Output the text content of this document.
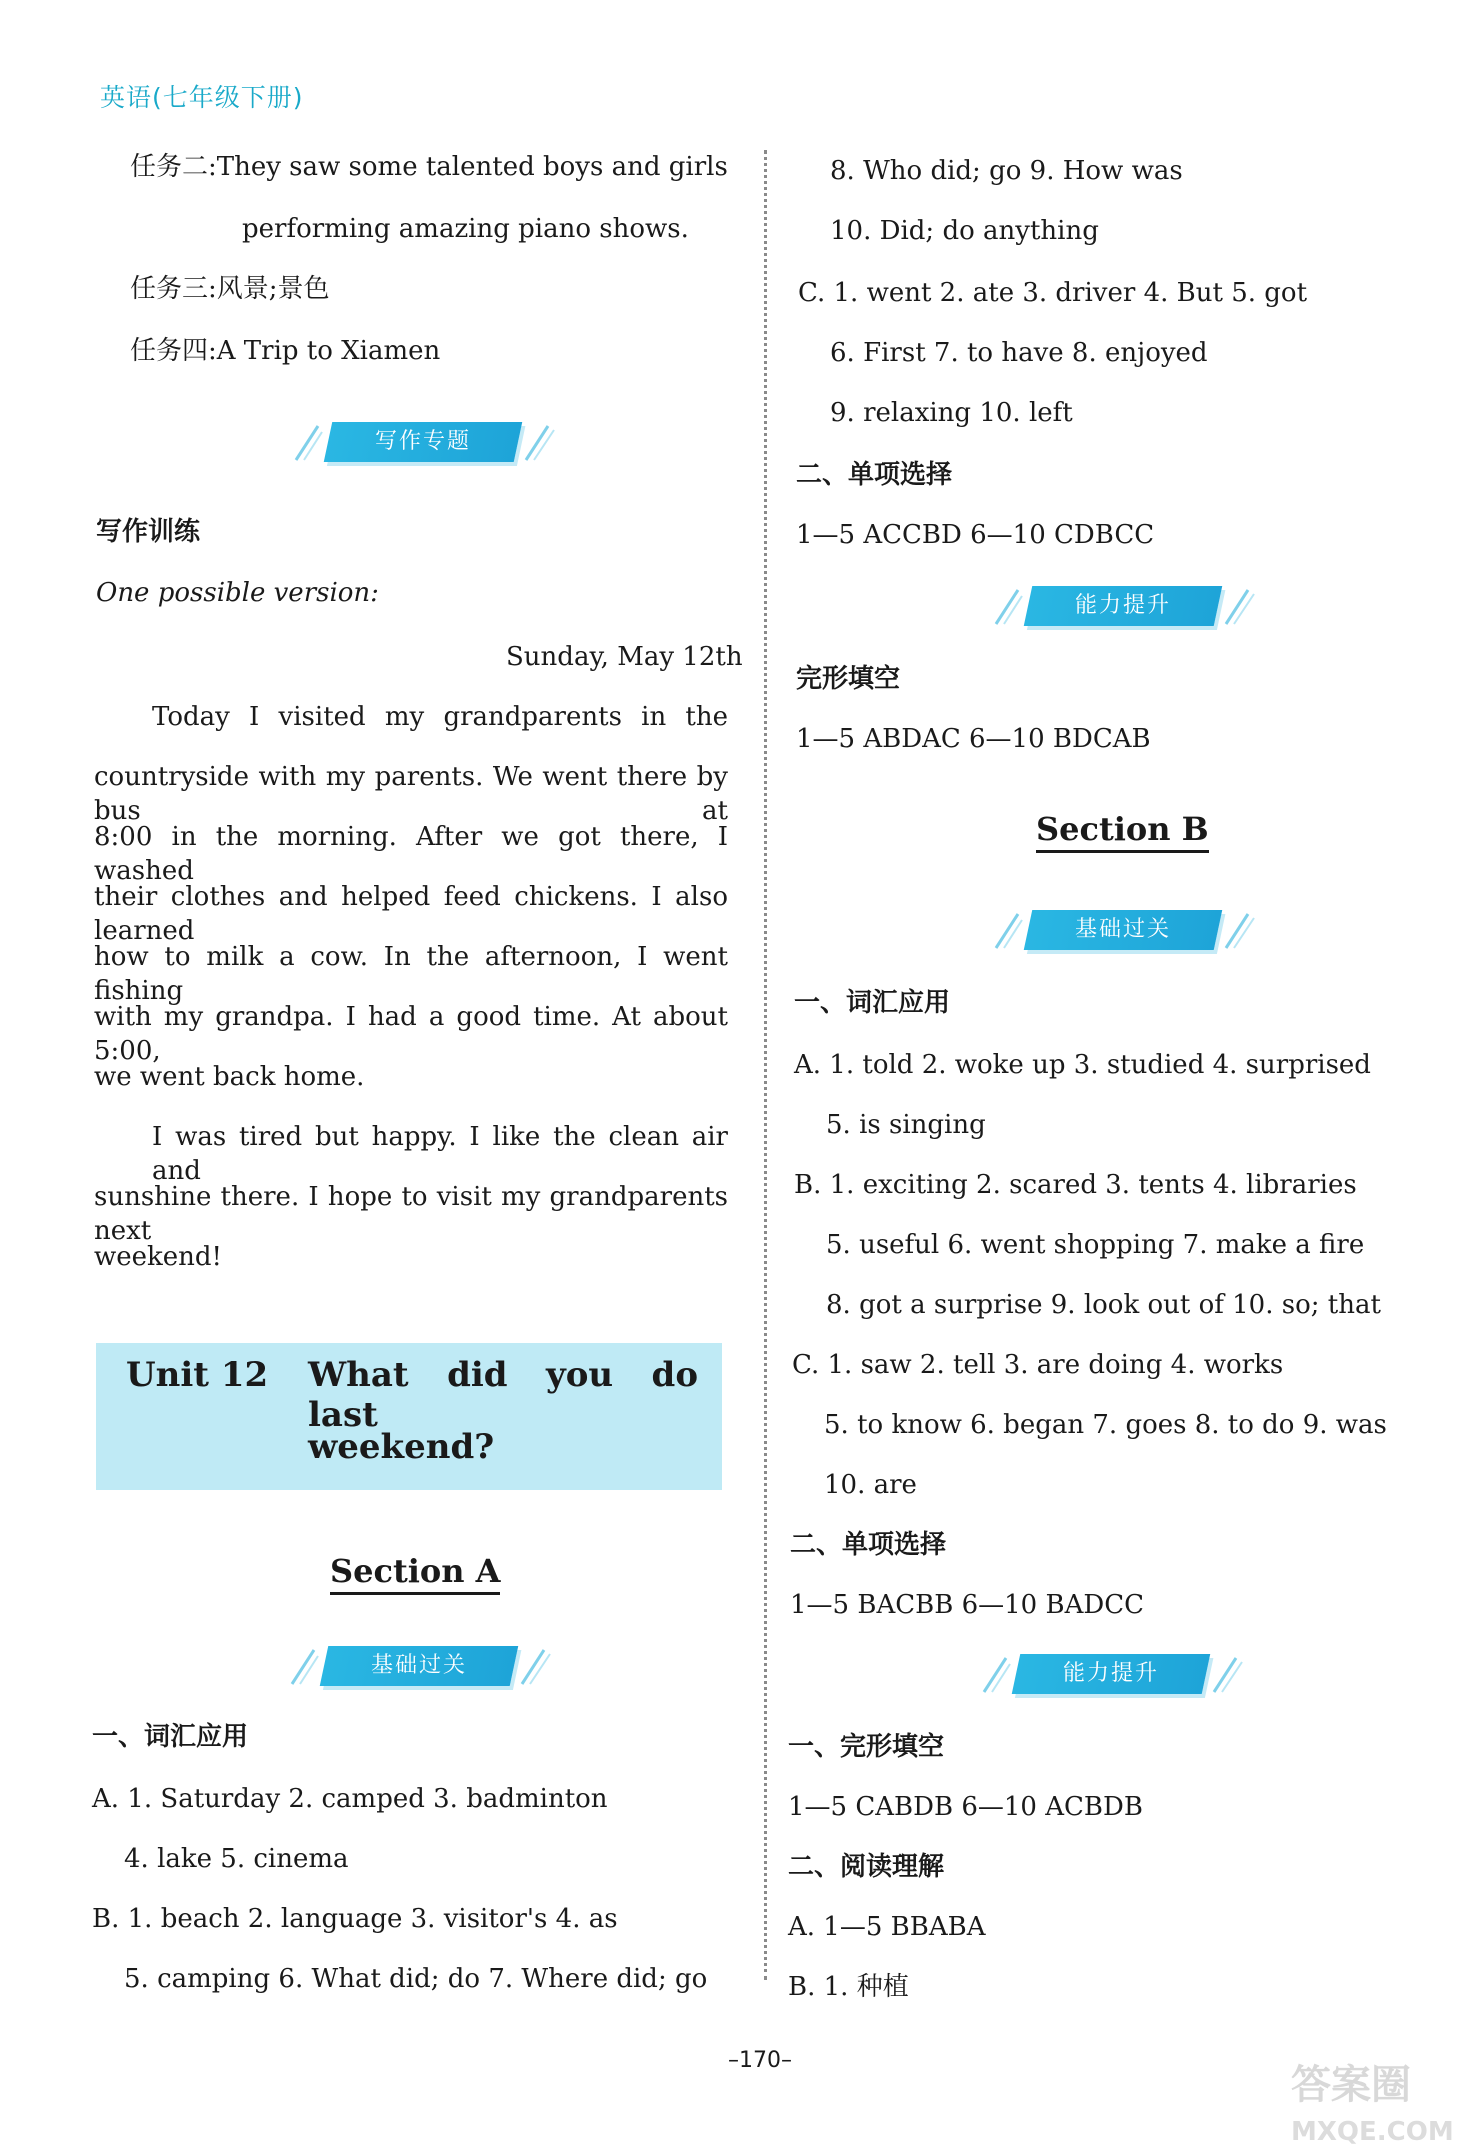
英语(七年级下册)
任务二:They saw some talented boys and girls
performing amazing piano shows.
任务三:风景;景色
任务四:A Trip to Xiamen
写作专题
写作训练
One possible version:
Sunday, May 12th
Today I visited my grandparents in the
countryside with my parents. We went there by bus at
8:00 in the morning. After we got there, I washed
their clothes and helped feed chickens. I also learned
how to milk a cow. In the afternoon, I went fishing
with my grandpa. I had a good time. At about 5:00,
we went back home.
I was tired but happy. I like the clean air and
sunshine there. I hope to visit my grandparents next
weekend!
Unit 12 What did you do last
weekend?
Section A
基础过关
一、词汇应用
A. 1. Saturday 2. camped 3. badminton
4. lake 5. cinema
B. 1. beach 2. language 3. visitor's 4. as
5. camping 6. What did; do 7. Where did; go
8. Who did; go 9. How was
10. Did; do anything
C. 1. went 2. ate 3. driver 4. But 5. got
6. First 7. to have 8. enjoyed
9. relaxing 10. left
二、单项选择
1—5 ACCBD 6—10 CDBCC
能力提升
完形填空
1—5 ABDAC 6—10 BDCAB
Section B
基础过关
一、词汇应用
A. 1. told 2. woke up 3. studied 4. surprised
5. is singing
B. 1. exciting 2. scared 3. tents 4. libraries
5. useful 6. went shopping 7. make a fire
8. got a surprise 9. look out of 10. so; that
C. 1. saw 2. tell 3. are doing 4. works
5. to know 6. began 7. goes 8. to do 9. was
10. are
二、单项选择
1—5 BACBB 6—10 BADCC
能力提升
一、完形填空
1—5 CABDB 6—10 ACBDB
二、阅读理解
A. 1—5 BBABA
B. 1. 种植
–170–
答案圈
MXQE.COM
